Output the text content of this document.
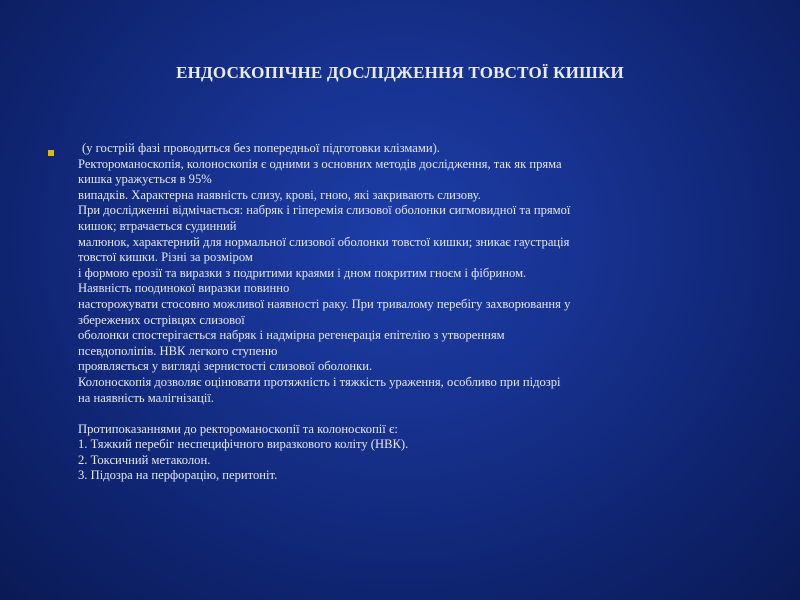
ЕНДОСКОПІЧНЕ ДОСЛІДЖЕННЯ ТОВСТОЇ КИШКИ
(у гострій фазі проводиться без попередньої підготовки клізмами).
Ректороманоскопія, колоноскопія є одними з основних методів дослідження, так як пряма
кишка уражується в 95%
випадків. Характерна наявність слизу, крові, гною, які закривають слизову.
При дослідженні відмічається: набряк і гіперемія слизової оболонки сигмовидної та прямої
кишок; втрачається судинний
малюнок, характерний для нормальної слизової оболонки товстої кишки; зникає гаустрація
товстої кишки. Різні за розміром
і формою ерозії та виразки з подритими краями і дном покритим гноєм і фібрином.
Наявність поодинокої виразки повинно
насторожувати стосовно можливої наявності раку. При тривалому перебігу захворювання у
збережених острівцях слизової
оболонки спостерігається набряк і надмірна регенерація епітелію з утворенням
псевдополіпів. НВК легкого ступеню
проявляється у вигляді зернистості слизової оболонки.
Колоноскопія дозволяє оцінювати протяжність і тяжкість ураження, особливо при підозрі
на наявність малігнізації.
Протипоказаннями до ректороманоскопії та колоноскопії є:
1. Тяжкий перебіг неспецифічного виразкового коліту (НВК).
2. Токсичний метаколон.
3. Підозра на перфорацію, перитоніт.
